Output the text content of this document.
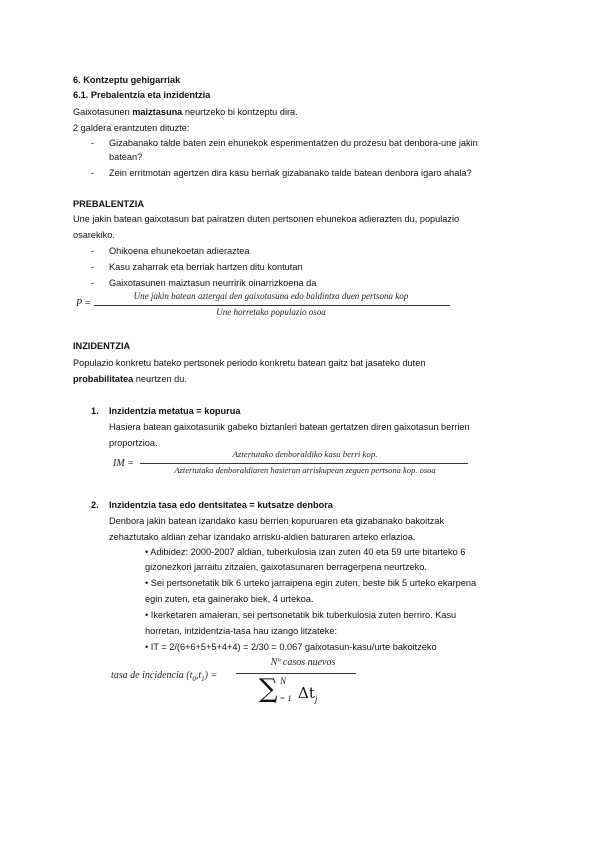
6. Kontzeptu gehigarriak
6.1. Prebalentzia eta inzidentzia
Gaixotasunen maiztasuna neurtzeko bi kontzeptu dira.
2 galdera erantzuten dituzte:
- Gizabanako talde baten zein ehunekok esperimentatzen du prozesu bat denbora-une jakin
batean?
- Zein erritmotan agertzen dira kasu berriak gizabanako talde batean denbora igaro ahala?
PREBALENTZIA
Une jakin batean gaixotasun bat pairatzen duten pertsonen ehunekoa adierazten du, populazio
osarekiko.
- Ohikoena ehunekoetan adieraztea
- Kasu zaharrak eta berriak hartzen ditu kontutan
- Gaixotasunen maiztasun neurririk oinarrizkoena da
P =
Une jakin batean aztergai den gaixotasuna edo baldintza duen pertsona kop
Une horretako populazio osoa
INZIDENTZIA
Populazio konkretu bateko pertsonek periodo konkretu batean gaitz bat jasateko duten
probabilitatea neurtzen du.
1. Inzidentzia metatua = kopurua
Hasiera batean gaixotasunik gabeko biztanleri batean gertatzen diren gaixotasun berrien
proportzioa.
IM =
Aztertutako denboraldiko kasu berri kop.
Aztertutako denboraldiaren hasieran arriskupean zeguen pertsona kop. osoa
2. Inzidentzia tasa edo dentsitatea = kutsatze denbora
Denbora jakin batean izandako kasu berrien kopuruaren eta gizabanako bakoitzak
zehaztutako aldian zehar izandako arrisku-aldien baturaren arteko erlazioa.
• Adibidez: 2000-2007 aldian, tuberkulosia izan zuten 40 eta 59 urte bitarteko 6
gizonezkori jarraitu zitzaien, gaixotasunaren berragerpena neurtzeko.
• Sei pertsonetatik bik 6 urteko jarraipena egin zuten, beste bik 5 urteko ekarpena
egin zuten, eta gainerako biek, 4 urtekoa.
• Ikerketaren amaieran, sei pertsonetatik bik tuberkulosia zuten berriro. Kasu
horretan, intzidentzia-tasa hau izango litzateke:
• IT = 2/(6+6+5+5+4+4) = 2/30 = 0.067 gaixotasun-kasu/urte bakoitzeko
tasa de incidencia $(t_0,t_1)$ =
Nº casos nuevos
∑ N
j = 1 $\Delta t_j$
